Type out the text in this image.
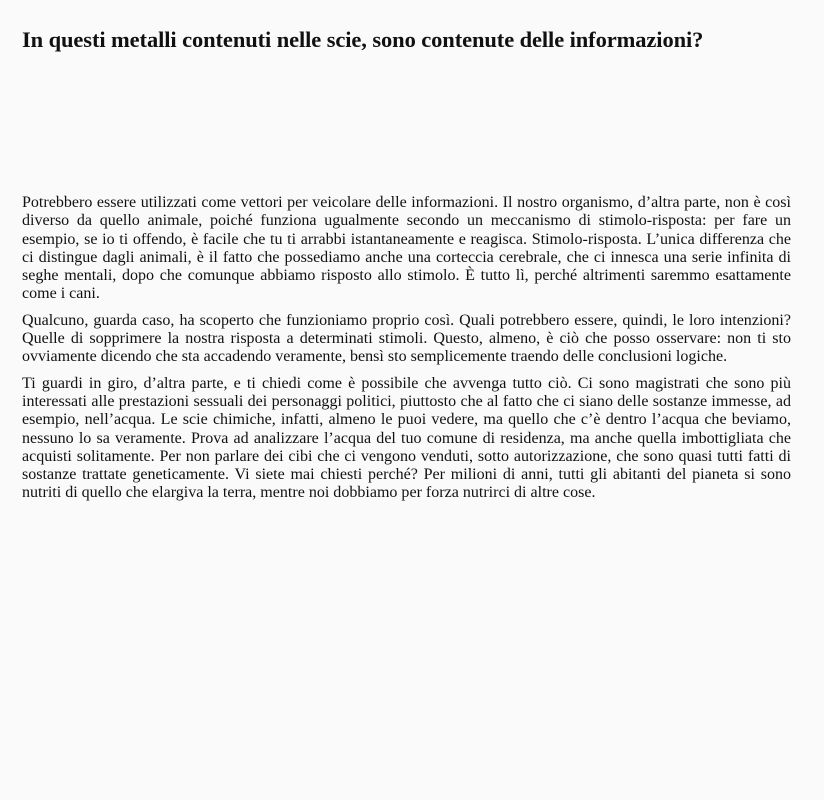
In questi metalli contenuti nelle scie, sono contenute delle informazioni?

Potrebbero essere utilizzati come vettori per veicolare delle informazioni. Il nostro organismo, d’altra parte, non è così diverso da quello animale, poiché funziona ugualmente secondo un meccanismo di stimolo-risposta: per fare un esempio, se io ti offendo, è facile che tu ti arrabbi istantaneamente e reagisca. Stimolo-risposta. L’unica differenza che ci distingue dagli animali, è il fatto che possediamo anche una corteccia cerebrale, che ci innesca una serie infinita di seghe mentali, dopo che comunque abbiamo risposto allo stimolo. È tutto lì, perché altrimenti saremmo esattamente come i cani.

Qualcuno, guarda caso, ha scoperto che funzioniamo proprio così. Quali potrebbero essere, quindi, le loro intenzioni? Quelle di sopprimere la nostra risposta a determinati stimoli. Questo, almeno, è ciò che posso osservare: non ti sto ovviamente dicendo che sta accadendo veramente, bensì sto semplicemente traendo delle conclusioni logiche.

Ti guardi in giro, d’altra parte, e ti chiedi come è possibile che avvenga tutto ciò. Ci sono magistrati che sono più interessati alle prestazioni sessuali dei personaggi politici, piuttosto che al fatto che ci siano delle sostanze immesse, ad esempio, nell’acqua. Le scie chimiche, infatti, almeno le puoi vedere, ma quello che c’è dentro l’acqua che beviamo, nessuno lo sa veramente. Prova ad analizzare l’acqua del tuo comune di residenza, ma anche quella imbottigliata che acquisti solitamente. Per non parlare dei cibi che ci vengono venduti, sotto autorizzazione, che sono quasi tutti fatti di sostanze trattate geneticamente. Vi siete mai chiesti perché? Per milioni di anni, tutti gli abitanti del pianeta si sono nutriti di quello che elargiva la terra, mentre noi dobbiamo per forza nutrirci di altre cose.
